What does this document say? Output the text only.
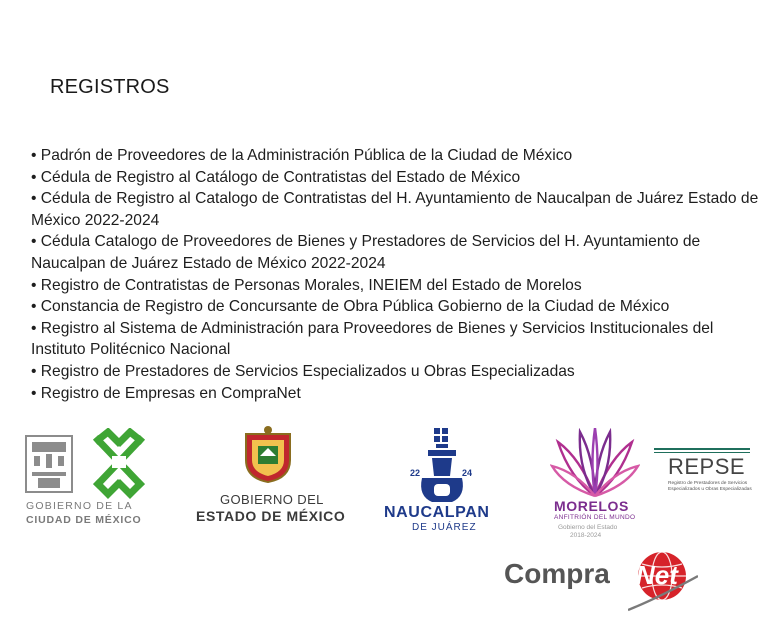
REGISTROS
• Padrón de Proveedores de la Administración Pública de la Ciudad de México
• Cédula de Registro al Catálogo de Contratistas del Estado de México
• Cédula de Registro al Catalogo de Contratistas del H. Ayuntamiento de Naucalpan de Juárez Estado de México 2022-2024
• Cédula Catalogo de Proveedores de Bienes y Prestadores de Servicios del H. Ayuntamiento de Naucalpan de Juárez Estado de México 2022-2024
• Registro de Contratistas de Personas Morales, INEIEM del Estado de Morelos
• Constancia de Registro de Concursante de Obra Pública Gobierno de la Ciudad de México
• Registro al Sistema de Administración para Proveedores de Bienes y Servicios Institucionales del Instituto Politécnico Nacional
• Registro de Prestadores de Servicios Especializados u Obras Especializadas
• Registro de Empresas en CompraNet
GOBIERNO DE LA
CIUDAD DE MÉXICO
GOBIERNO DEL
ESTADO DE MÉXICO
22	24
NAUCALPAN
DE JUÁREZ
MORELOS
ANFITRIÓN DEL MUNDO
Gobierno del Estado
2018-2024
REPSE
Registro de Prestadores de Servicios
Especializados u Obras Especializadas
Compra Net
